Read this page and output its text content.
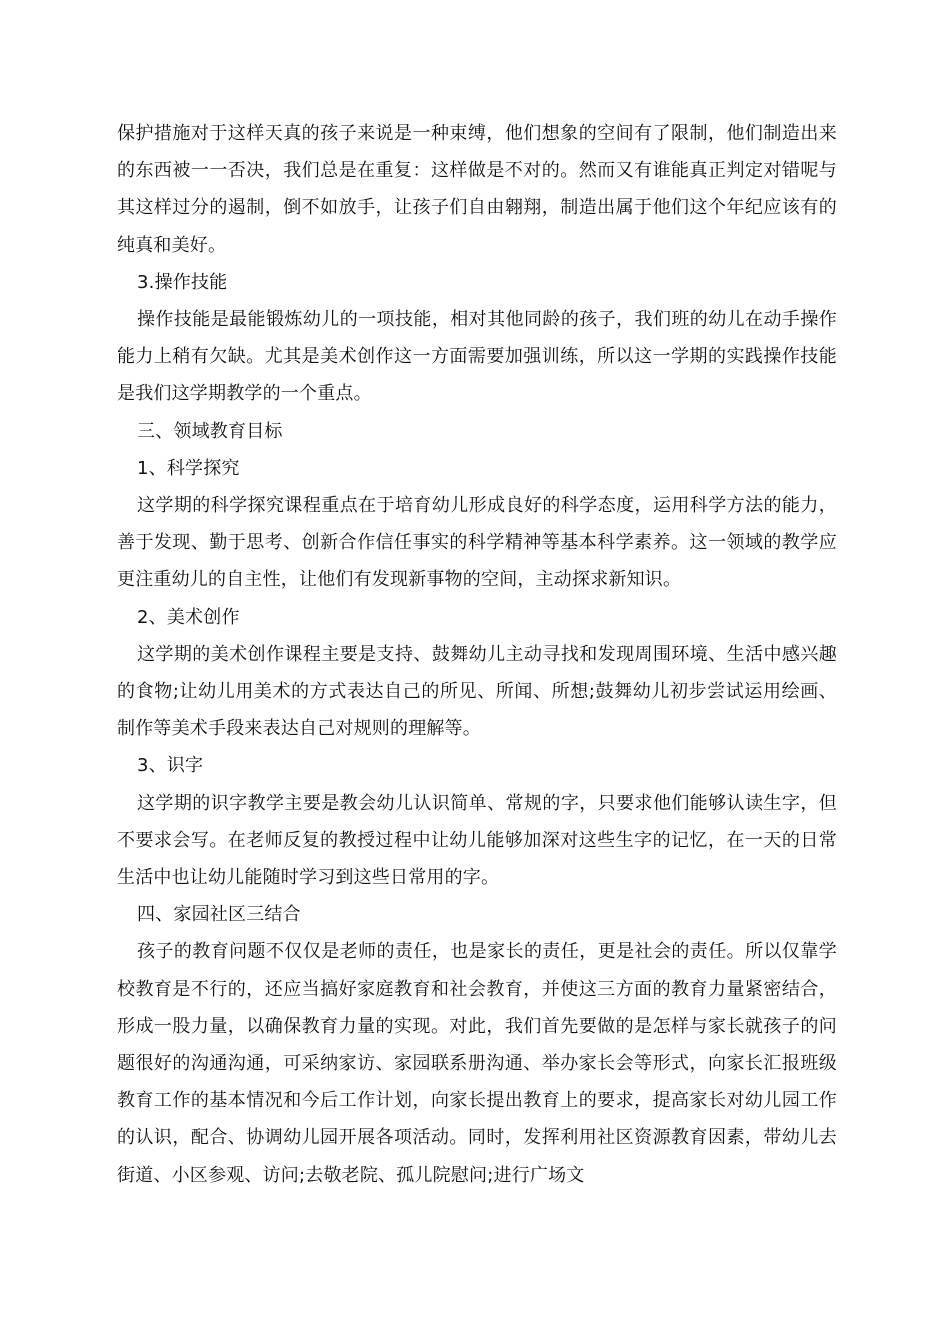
保护措施对于这样天真的孩子来说是一种束缚，他们想象的空间有了限制，他们制造出来的东西被一一否决，我们总是在重复：这样做是不对的。然而又有谁能真正判定对错呢与其这样过分的遏制，倒不如放手，让孩子们自由翱翔，制造出属于他们这个年纪应该有的纯真和美好。

3.操作技能

操作技能是最能锻炼幼儿的一项技能，相对其他同龄的孩子，我们班的幼儿在动手操作能力上稍有欠缺。尤其是美术创作这一方面需要加强训练，所以这一学期的实践操作技能是我们这学期教学的一个重点。

三、领域教育目标

1、科学探究

这学期的科学探究课程重点在于培育幼儿形成良好的科学态度，运用科学方法的能力，善于发现、勤于思考、创新合作信任事实的科学精神等基本科学素养。这一领域的教学应更注重幼儿的自主性，让他们有发现新事物的空间，主动探求新知识。

2、美术创作

这学期的美术创作课程主要是支持、鼓舞幼儿主动寻找和发现周围环境、生活中感兴趣的食物;让幼儿用美术的方式表达自己的所见、所闻、所想;鼓舞幼儿初步尝试运用绘画、制作等美术手段来表达自己对规则的理解等。

3、识字

这学期的识字教学主要是教会幼儿认识简单、常规的字，只要求他们能够认读生字，但不要求会写。在老师反复的教授过程中让幼儿能够加深对这些生字的记忆，在一天的日常生活中也让幼儿能随时学习到这些日常用的字。

四、家园社区三结合

孩子的教育问题不仅仅是老师的责任，也是家长的责任，更是社会的责任。所以仅靠学校教育是不行的，还应当搞好家庭教育和社会教育，并使这三方面的教育力量紧密结合，形成一股力量，以确保教育力量的实现。对此，我们首先要做的是怎样与家长就孩子的问题很好的沟通沟通，可采纳家访、家园联系册沟通、举办家长会等形式，向家长汇报班级教育工作的基本情况和今后工作计划，向家长提出教育上的要求，提高家长对幼儿园工作的认识，配合、协调幼儿园开展各项活动。同时，发挥利用社区资源教育因素，带幼儿去街道、小区参观、访问;去敬老院、孤儿院慰问;进行广场文
